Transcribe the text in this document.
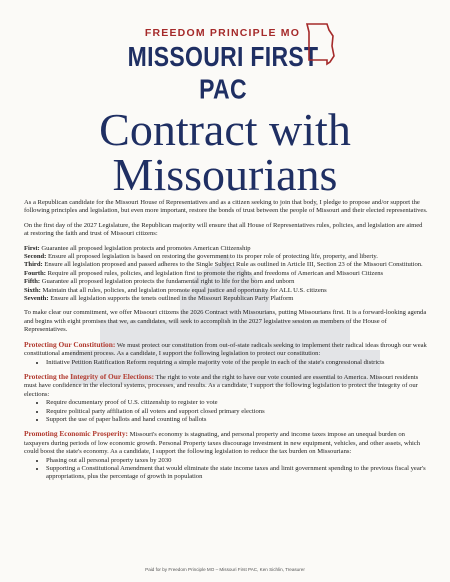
FREEDOM PRINCIPLE MO
MISSOURI FIRST PAC
Contract with
Missourians

As a Republican candidate for the Missouri House of Representatives and as a citizen seeking to join that body, I pledge to propose and/or support the following principles and legislation, but even more important, restore the bonds of trust between the people of Missouri and their elected representatives.

On the first day of the 2027 Legislature, the Republican majority will ensure that all House of Representatives rules, policies, and legislation are aimed at restoring the faith and trust of Missouri citizens:

First: Guarantee all proposed legislation protects and promotes American Citizenship

Second: Ensure all proposed legislation is based on restoring the government to its proper role of protecting life, property, and liberty.

Third: Ensure all legislation proposed and passed adheres to the Single Subject Rule as outlined in Article III, Section 23 of the Missouri Constitution.

Fourth: Require all proposed rules, policies, and legislation first to promote the rights and freedoms of American and Missouri Citizens

Fifth: Guarantee all proposed legislation protects the fundamental right to life for the born and unborn

Sixth: Maintain that all rules, policies, and legislation promote equal justice and opportunity for ALL U.S. citizens

Seventh: Ensure all legislation supports the tenets outlined in the Missouri Republican Party Platform

To make clear our commitment, we offer Missouri citizens the 2026 Contract with Missourians, putting Missourians first. It is a forward-looking agenda and begins with eight promises that we, as candidates, will seek to accomplish in the 2027 legislative session as members of the House of Representatives.

Protecting Our Constitution: We must protect our constitution from out-of-state radicals seeking to implement their radical ideas through our weak constitutional amendment process. As a candidate, I support the following legislation to protect our constitution:
• Initiative Petition Ratification Reform requiring a simple majority vote of the people in each of the state's congressional districts
Protecting the Integrity of Our Elections: The right to vote and the right to have our vote counted are essential to America. Missouri residents must have confidence in the electoral systems, processes, and results. As a candidate, I support the following legislation to protect the integrity of our elections:
• Require documentary proof of U.S. citizenship to register to vote
• Require political party affiliation of all voters and support closed primary elections
• Support the use of paper ballots and hand counting of ballots
Promoting Economic Prosperity: Missouri's economy is stagnating, and personal property and income taxes impose an unequal burden on taxpayers during periods of low economic growth. Personal Property taxes discourage investment in new equipment, vehicles, and other assets, which could boost the state's economy. As a candidate, I support the following legislation to reduce the tax burden on Missourians:
• Phasing out all personal property taxes by 2030
• Supporting a Constitutional Amendment that would eliminate the state income taxes and limit government spending to the previous fiscal year's appropriations, plus the percentage of growth in population
Paid for by Freedom Principle MO – Missouri First PAC, Ken Sichlin, Treasurer
